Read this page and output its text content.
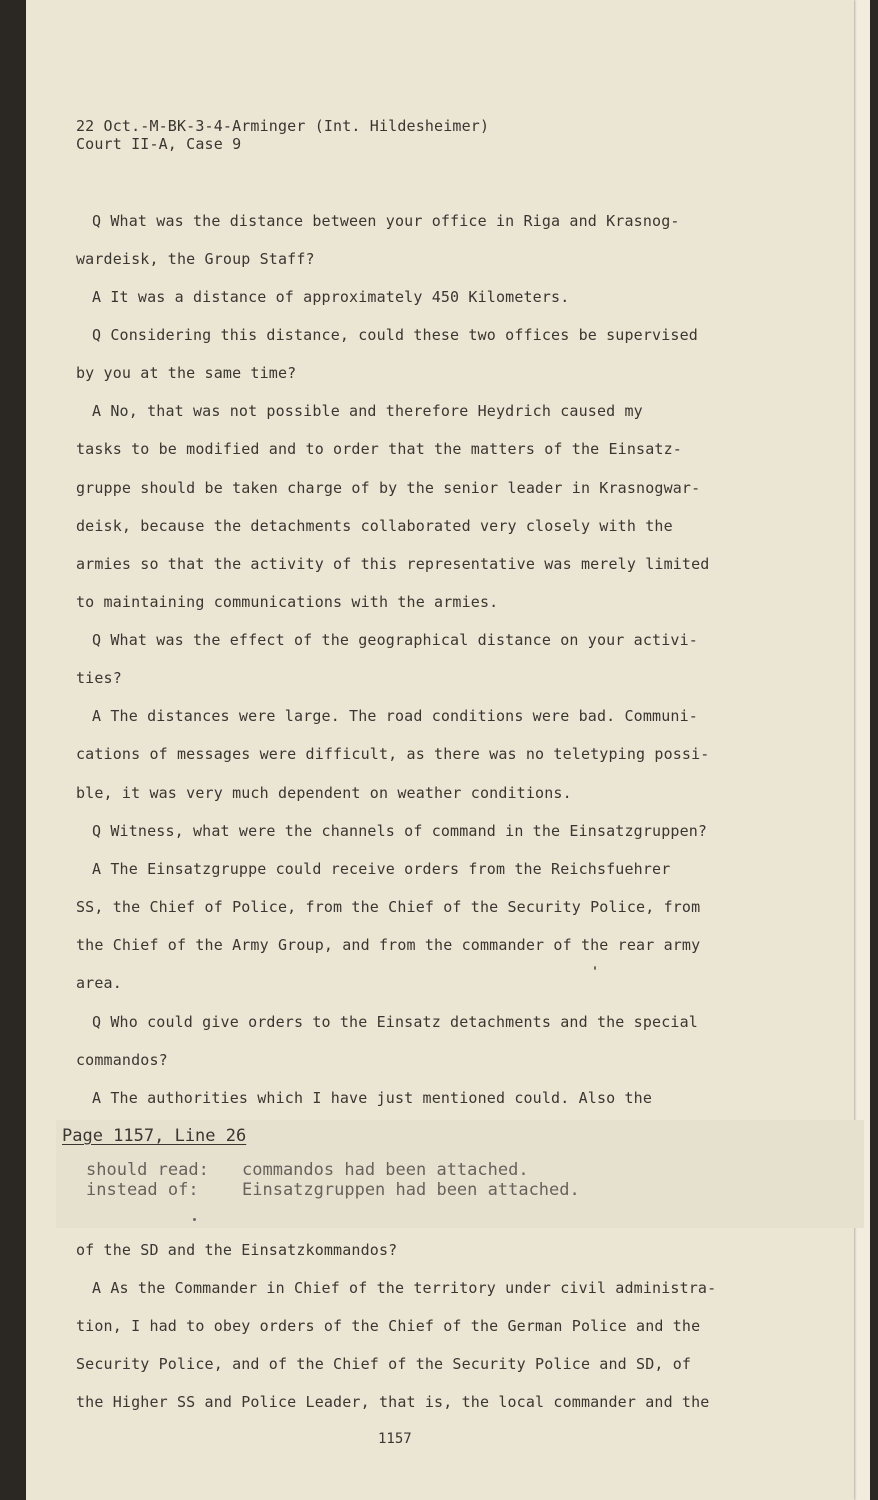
22 Oct.-M-BK-3-4-Arminger (Int. Hildesheimer)

Court II-A, Case 9

Q What was the distance between your office in Riga and Krasnog-

wardeisk, the Group Staff?

A It was a distance of approximately 450 Kilometers.

Q Considering this distance, could these two offices be supervised

by you at the same time?

A No, that was not possible and therefore Heydrich caused my

tasks to be modified and to order that the matters of the Einsatz-

gruppe should be taken charge of by the senior leader in Krasnogwar-

deisk, because the detachments collaborated very closely with the

armies so that the activity of this representative was merely limited

to maintaining communications with the armies.

Q What was the effect of the geographical distance on your activi-

ties?

A The distances were large. The road conditions were bad. Communi-

cations of messages were difficult, as there was no teletyping possi-

ble, it was very much dependent on weather conditions.

Q Witness, what were the channels of command in the Einsatzgruppen?

A The Einsatzgruppe could receive orders from the Reichsfuehrer

SS, the Chief of Police, from the Chief of the Security Police, from

the Chief of the Army Group, and from the commander of the rear army

area.

Q Who could give orders to the Einsatz detachments and the special

commandos?

A The authorities which I have just mentioned could. Also the

Page 1157, Line 26
should read: commandos had been attached.
instead of:	Einsatzgruppen had been attached.

of the SD and the Einsatzkommandos?

A As the Commander in Chief of the territory under civil administra-

tion, I had to obey orders of the Chief of the German Police and the

Security Police, and of the Chief of the Security Police and SD, of

the Higher SS and Police Leader, that is, the local commander and the

1157
